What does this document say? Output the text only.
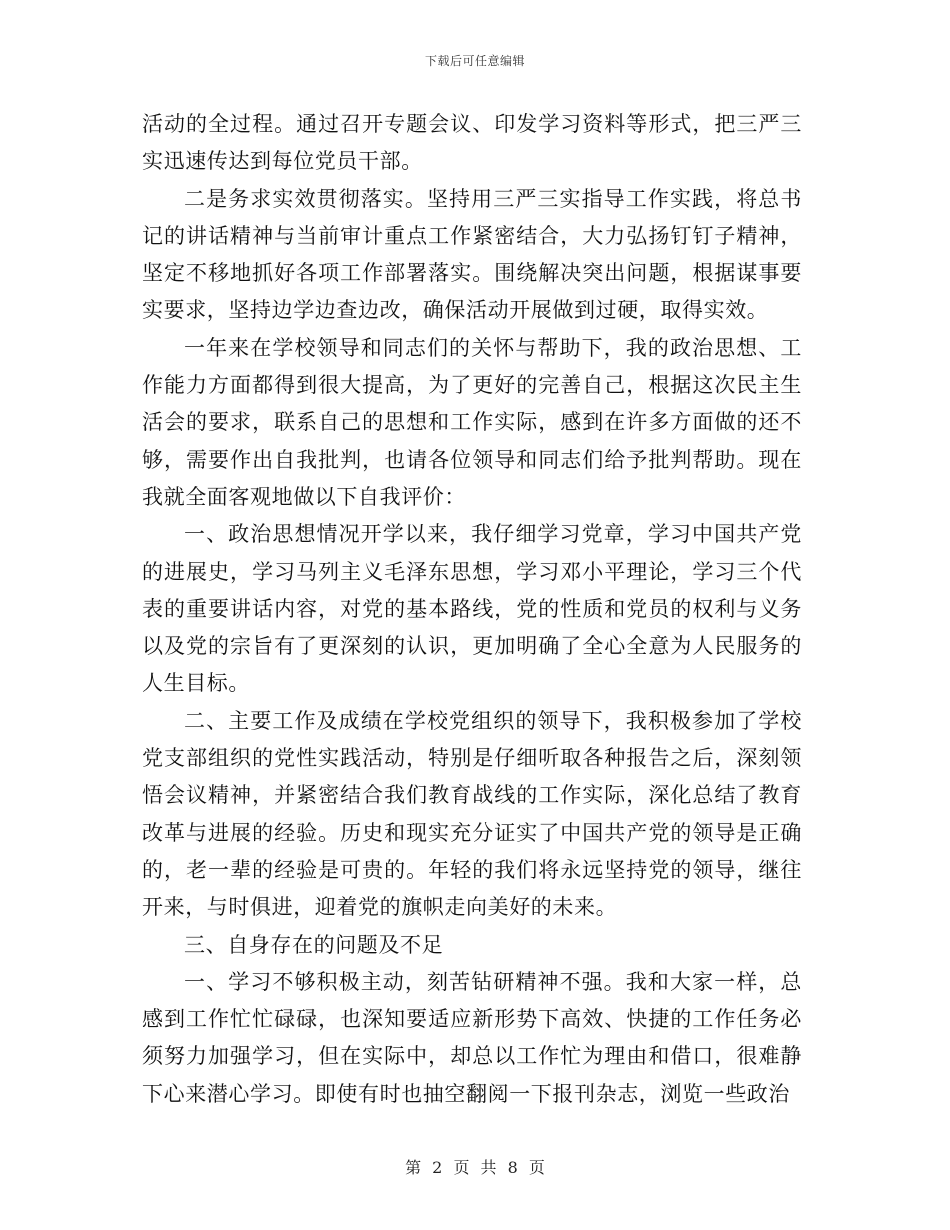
下载后可任意编辑

活动的全过程。通过召开专题会议、印发学习资料等形式，把三严三实迅速传达到每位党员干部。

二是务求实效贯彻落实。坚持用三严三实指导工作实践，将总书记的讲话精神与当前审计重点工作紧密结合，大力弘扬钉钉子精神，坚定不移地抓好各项工作部署落实。围绕解决突出问题，根据谋事要实要求，坚持边学边查边改，确保活动开展做到过硬，取得实效。

一年来在学校领导和同志们的关怀与帮助下，我的政治思想、工作能力方面都得到很大提高，为了更好的完善自己，根据这次民主生活会的要求，联系自己的思想和工作实际，感到在许多方面做的还不够，需要作出自我批判，也请各位领导和同志们给予批判帮助。现在我就全面客观地做以下自我评价：

一、政治思想情况开学以来，我仔细学习党章，学习中国共产党的进展史，学习马列主义毛泽东思想，学习邓小平理论，学习三个代表的重要讲话内容，对党的基本路线，党的性质和党员的权利与义务以及党的宗旨有了更深刻的认识，更加明确了全心全意为人民服务的人生目标。

二、主要工作及成绩在学校党组织的领导下，我积极参加了学校党支部组织的党性实践活动，特别是仔细听取各种报告之后，深刻领悟会议精神，并紧密结合我们教育战线的工作实际，深化总结了教育改革与进展的经验。历史和现实充分证实了中国共产党的领导是正确的，老一辈的经验是可贵的。年轻的我们将永远坚持党的领导，继往开来，与时俱进，迎着党的旗帜走向美好的未来。

三、自身存在的问题及不足

一、学习不够积极主动，刻苦钻研精神不强。我和大家一样，总感到工作忙忙碌碌，也深知要适应新形势下高效、快捷的工作任务必须努力加强学习，但在实际中，却总以工作忙为理由和借口，很难静下心来潜心学习。即使有时也抽空翻阅一下报刊杂志，浏览一些政治

第 2 页 共 8 页
